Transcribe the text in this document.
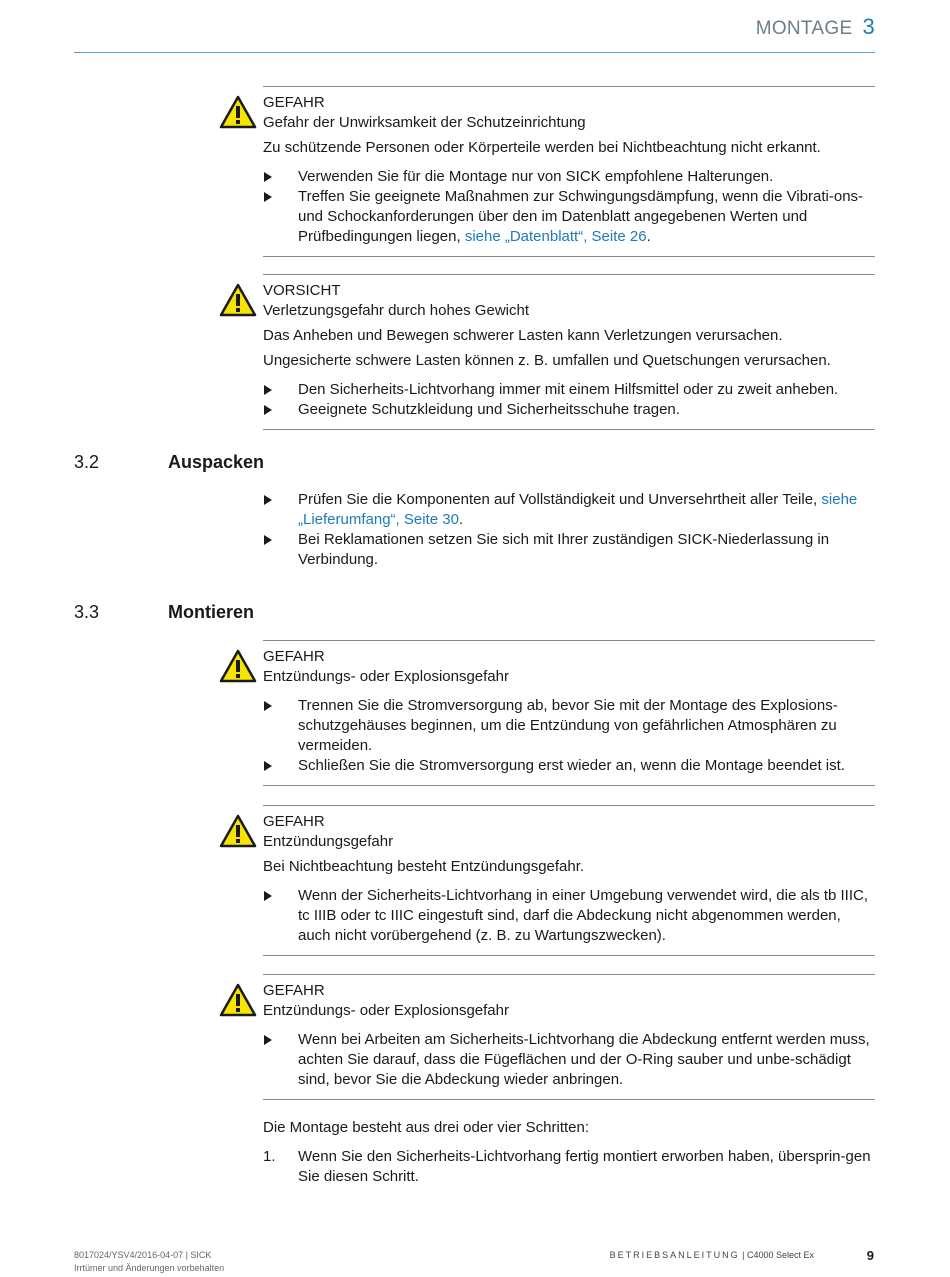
MONTAGE 3

GEFAHR

Gefahr der Unwirksamkeit der Schutzeinrichtung

Zu schützende Personen oder Körperteile werden bei Nichtbeachtung nicht erkannt.

Verwenden Sie für die Montage nur von SICK empfohlene Halterungen.
Treffen Sie geeignete Maßnahmen zur Schwingungsdämpfung, wenn die Vibrati-ons- und Schockanforderungen über den im Datenblatt angegebenen Werten und Prüfbedingungen liegen, siehe „Datenblatt“, Seite 26.

VORSICHT

Verletzungsgefahr durch hohes Gewicht

Das Anheben und Bewegen schwerer Lasten kann Verletzungen verursachen.

Ungesicherte schwere Lasten können z. B. umfallen und Quetschungen verursachen.

Den Sicherheits-Lichtvorhang immer mit einem Hilfsmittel oder zu zweit anheben.
Geeignete Schutzkleidung und Sicherheitsschuhe tragen.
3.2	Auspacken
Prüfen Sie die Komponenten auf Vollständigkeit und Unversehrtheit aller Teile, siehe „Lieferumfang“, Seite 30.
Bei Reklamationen setzen Sie sich mit Ihrer zuständigen SICK-Niederlassung in Verbindung.
3.3	Montieren

GEFAHR

Entzündungs- oder Explosionsgefahr

Trennen Sie die Stromversorgung ab, bevor Sie mit der Montage des Explosions-schutzgehäuses beginnen, um die Entzündung von gefährlichen Atmosphären zu vermeiden.
Schließen Sie die Stromversorgung erst wieder an, wenn die Montage beendet ist.

GEFAHR

Entzündungsgefahr

Bei Nichtbeachtung besteht Entzündungsgefahr.

Wenn der Sicherheits-Lichtvorhang in einer Umgebung verwendet wird, die als tb IIIC, tc IIIB oder tc IIIC eingestuft sind, darf die Abdeckung nicht abgenommen werden, auch nicht vorübergehend (z. B. zu Wartungszwecken).

GEFAHR

Entzündungs- oder Explosionsgefahr

Wenn bei Arbeiten am Sicherheits-Lichtvorhang die Abdeckung entfernt werden muss, achten Sie darauf, dass die Fügeflächen und der O-Ring sauber und unbe-schädigt sind, bevor Sie die Abdeckung wieder anbringen.

Die Montage besteht aus drei oder vier Schritten:

1. Wenn Sie den Sicherheits-Lichtvorhang fertig montiert erworben haben, übersprin-gen Sie diesen Schritt.
8017024/YSV4/2016-04-07 | SICK
Irrtümer und Änderungen vorbehalten
BETRIEBSANLEITUNG | C4000 Select Ex	9
